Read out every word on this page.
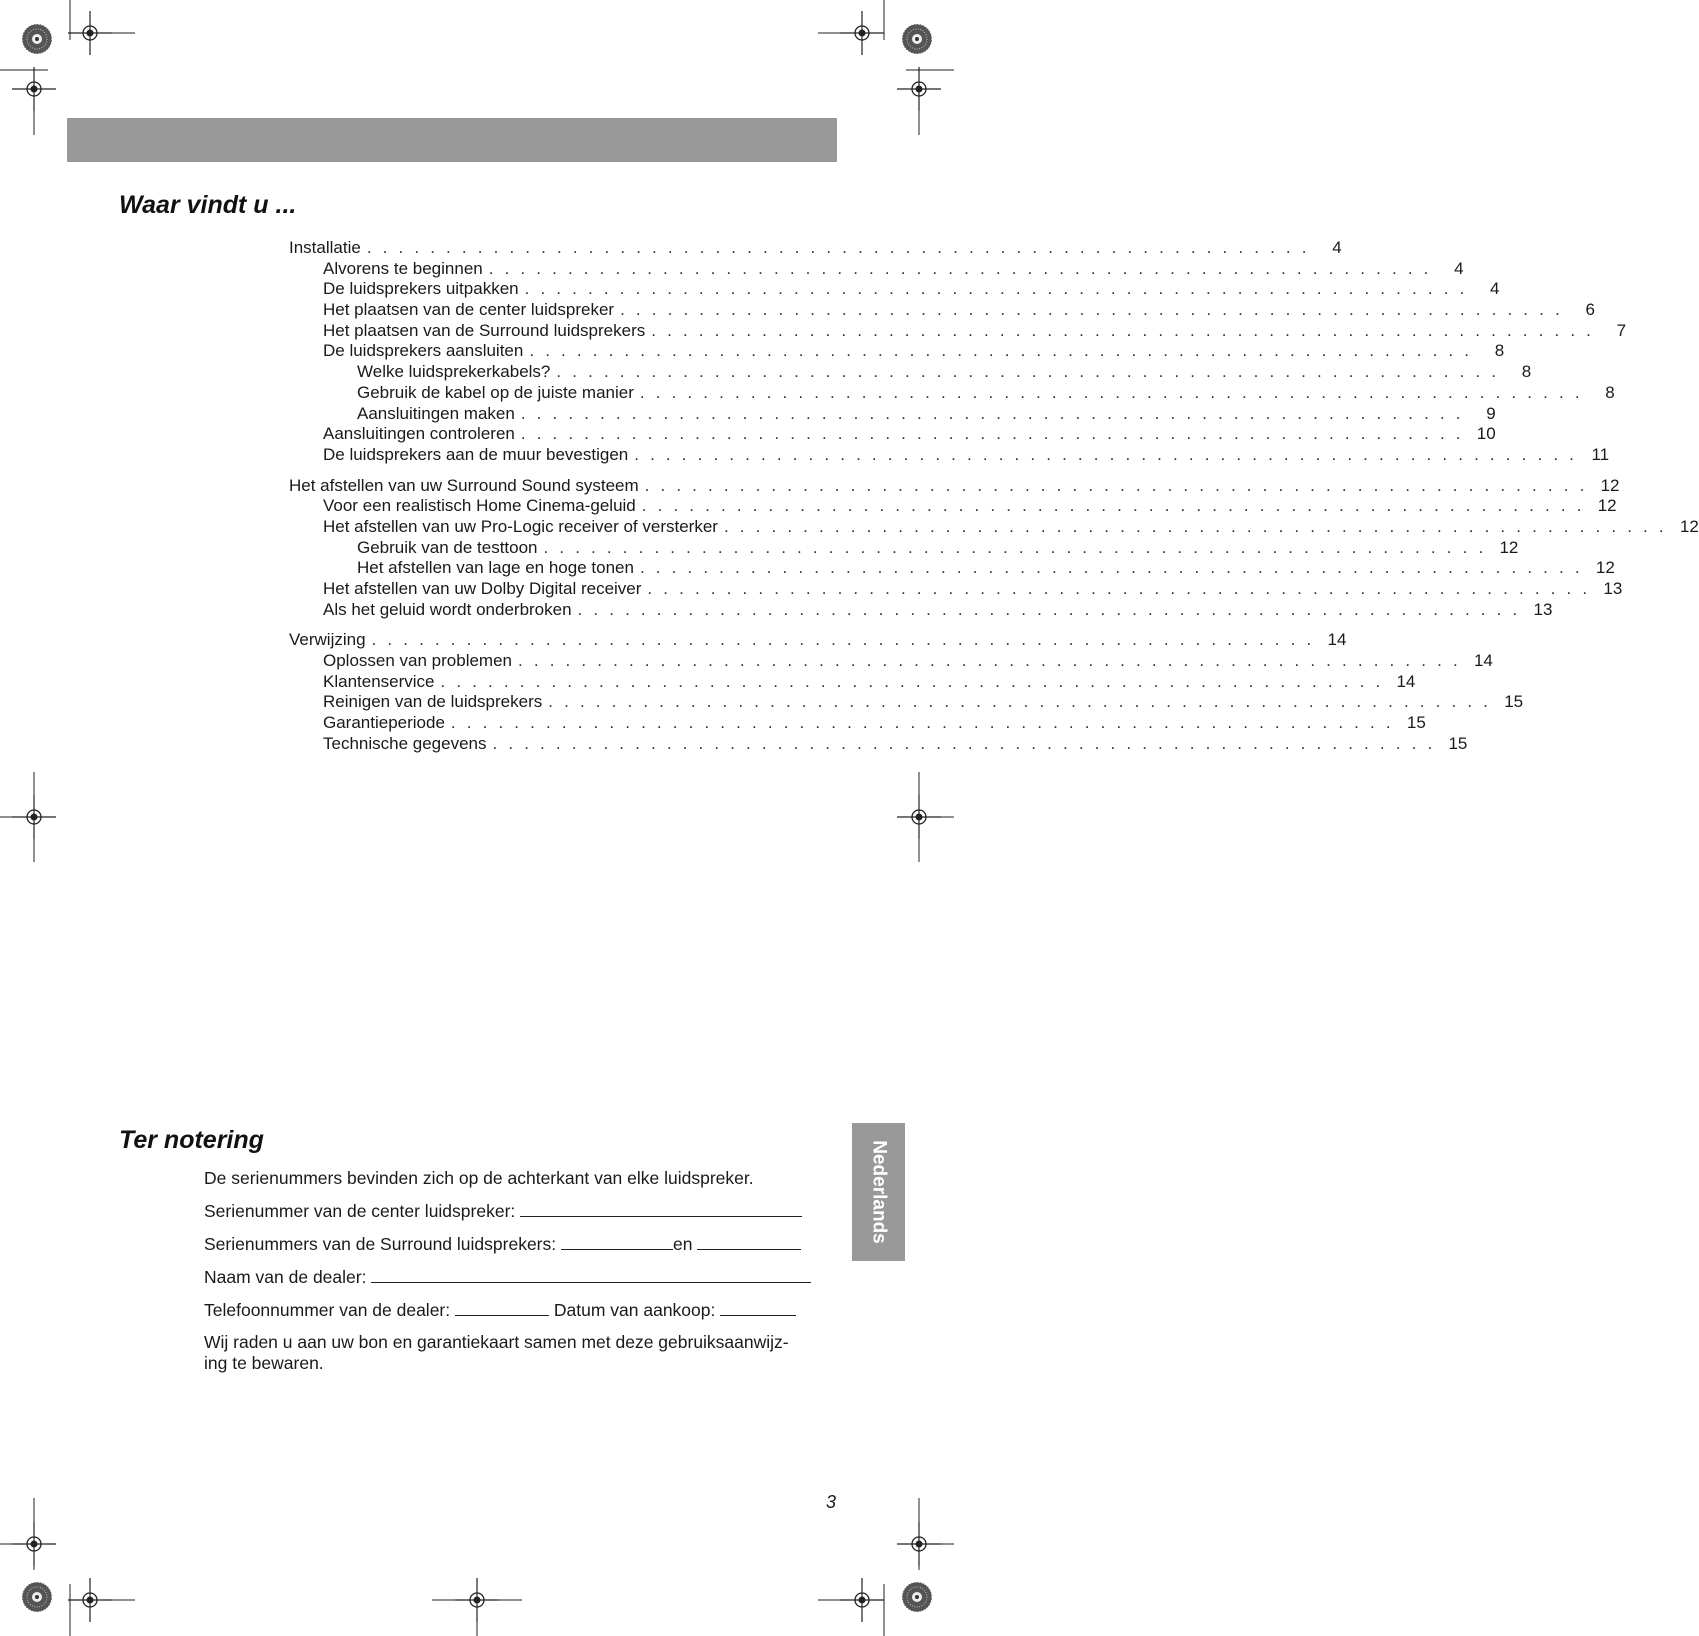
Waar vindt u ...
Installatie . . . . . . . . . . . . . . . . . . . . . . . . . . . . . . . . . . . . . . . . . . . . . . . . . . . . . . . . . . . .	4
Alvorens te beginnen . . . . . . . . . . . . . . . . . . . . . . . . . . . . . . . . . . . . . . . . . . . . . . . . . . . . . . . . . . . .	4
De luidsprekers uitpakken . . . . . . . . . . . . . . . . . . . . . . . . . . . . . . . . . . . . . . . . . . . . . . . . . . . . . . . . . . . .	4
Het plaatsen van de center luidspreker . . . . . . . . . . . . . . . . . . . . . . . . . . . . . . . . . . . . . . . . . . . . . . . . . . . . . . . . . . . .	6
Het plaatsen van de Surround luidsprekers . . . . . . . . . . . . . . . . . . . . . . . . . . . . . . . . . . . . . . . . . . . . . . . . . . . . . . . . . . . .	7
De luidsprekers aansluiten . . . . . . . . . . . . . . . . . . . . . . . . . . . . . . . . . . . . . . . . . . . . . . . . . . . . . . . . . . . .	8
Welke luidsprekerkabels? . . . . . . . . . . . . . . . . . . . . . . . . . . . . . . . . . . . . . . . . . . . . . . . . . . . . . . . . . . . .	8
Gebruik de kabel op de juiste manier . . . . . . . . . . . . . . . . . . . . . . . . . . . . . . . . . . . . . . . . . . . . . . . . . . . . . . . . . . . .	8
Aansluitingen maken . . . . . . . . . . . . . . . . . . . . . . . . . . . . . . . . . . . . . . . . . . . . . . . . . . . . . . . . . . . .	9
Aansluitingen controleren . . . . . . . . . . . . . . . . . . . . . . . . . . . . . . . . . . . . . . . . . . . . . . . . . . . . . . . . . . . . 10
De luidsprekers aan de muur bevestigen . . . . . . . . . . . . . . . . . . . . . . . . . . . . . . . . . . . . . . . . . . . . . . . . . . . . . . . . . . . . 11
Het afstellen van uw Surround Sound systeem . . . . . . . . . . . . . . . . . . . . . . . . . . . . . . . . . . . . . . . . . . . . . . . . . . . . . . . . . . . . 12
Voor een realistisch Home Cinema-geluid . . . . . . . . . . . . . . . . . . . . . . . . . . . . . . . . . . . . . . . . . . . . . . . . . . . . . . . . . . . . 12
Het afstellen van uw Pro-Logic receiver of versterker . . . . . . . . . . . . . . . . . . . . . . . . . . . . . . . . . . . . . . . . . . . . . . . . . . . . . . . . . . . . 12
Gebruik van de testtoon . . . . . . . . . . . . . . . . . . . . . . . . . . . . . . . . . . . . . . . . . . . . . . . . . . . . . . . . . . . . 12
Het afstellen van lage en hoge tonen . . . . . . . . . . . . . . . . . . . . . . . . . . . . . . . . . . . . . . . . . . . . . . . . . . . . . . . . . . . . 12
Het afstellen van uw Dolby Digital receiver . . . . . . . . . . . . . . . . . . . . . . . . . . . . . . . . . . . . . . . . . . . . . . . . . . . . . . . . . . . . 13
Als het geluid wordt onderbroken . . . . . . . . . . . . . . . . . . . . . . . . . . . . . . . . . . . . . . . . . . . . . . . . . . . . . . . . . . . . 13
Verwijzing . . . . . . . . . . . . . . . . . . . . . . . . . . . . . . . . . . . . . . . . . . . . . . . . . . . . . . . . . . . . 14
Oplossen van problemen . . . . . . . . . . . . . . . . . . . . . . . . . . . . . . . . . . . . . . . . . . . . . . . . . . . . . . . . . . . . 14
Klantenservice . . . . . . . . . . . . . . . . . . . . . . . . . . . . . . . . . . . . . . . . . . . . . . . . . . . . . . . . . . . . 14
Reinigen van de luidsprekers . . . . . . . . . . . . . . . . . . . . . . . . . . . . . . . . . . . . . . . . . . . . . . . . . . . . . . . . . . . . 15
Garantieperiode . . . . . . . . . . . . . . . . . . . . . . . . . . . . . . . . . . . . . . . . . . . . . . . . . . . . . . . . . . . . 15
Technische gegevens . . . . . . . . . . . . . . . . . . . . . . . . . . . . . . . . . . . . . . . . . . . . . . . . . . . . . . . . . . . . 15
Ter notering

De serienummers bevinden zich op de achterkant van elke luidspreker.

Serienummer van de center luidspreker:

Serienummers van de Surround luidsprekers:	en

Naam van de dealer:

Telefoonnummer van de dealer:	Datum van aankoop:

Wij raden u aan uw bon en garantiekaart samen met deze gebruiksaanwijz-
ing te bewaren.

Nederlands
3
